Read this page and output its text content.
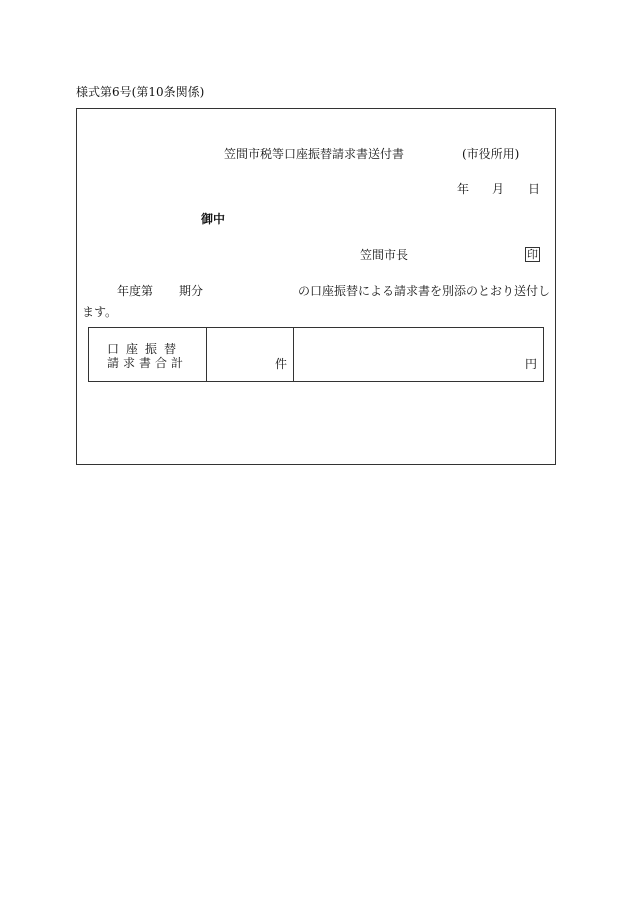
様式第6号(第10条関係)
笠間市税等口座振替請求書送付書	(市役所用)
年 月 日
御中
笠間市長	印
年度第 期分	の口座振替による請求書を別添のとおり送付し
ます。
口座振替
請求書合計	件	円
